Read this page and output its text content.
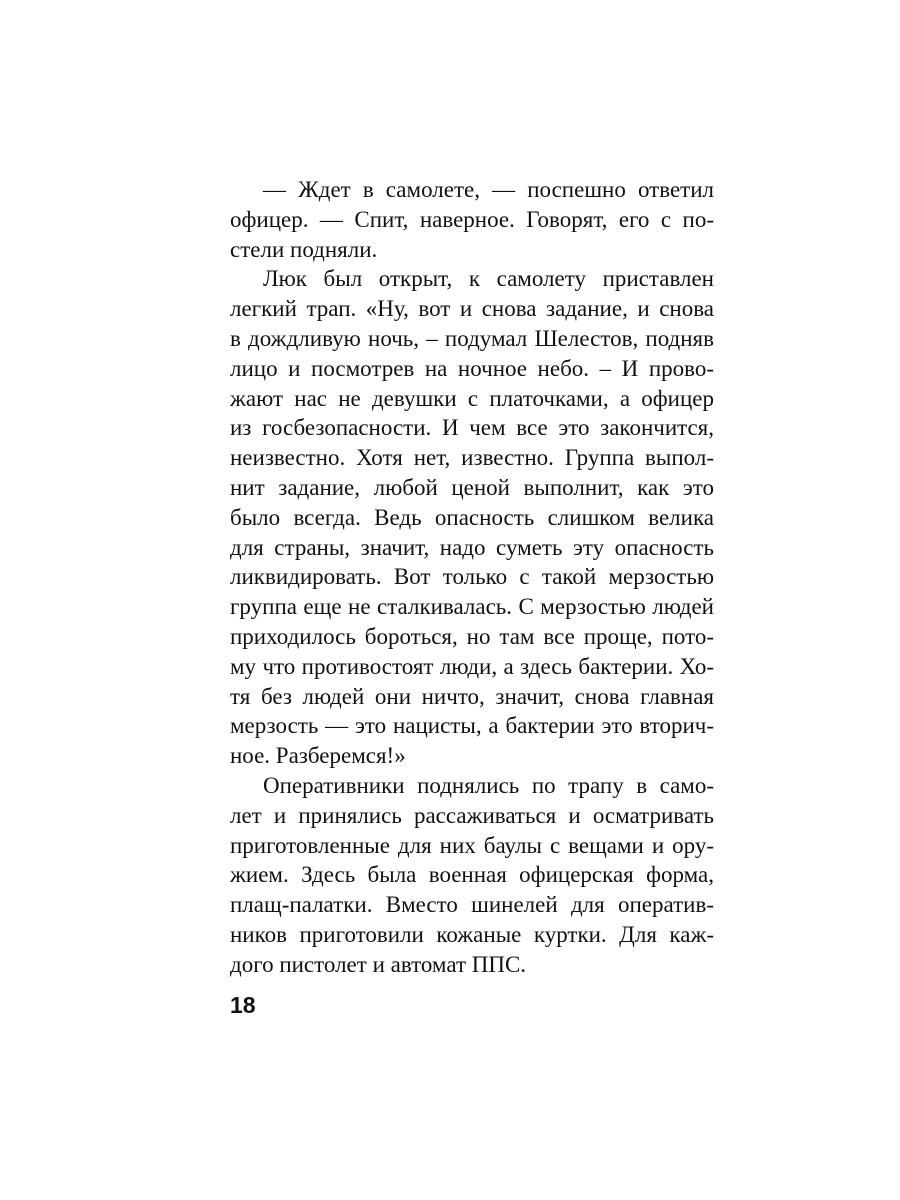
— Ждет в самолете, — поспешно ответил
офицер. — Спит, наверное. Говорят, его с по-
стели подняли.
Люк был открыт, к самолету приставлен
легкий трап. «Ну, вот и снова задание, и снова
в дождливую ночь, – подумал Шелестов, подняв
лицо и посмотрев на ночное небо. – И прово-
жают нас не девушки с платочками, а офицер
из госбезопасности. И чем все это закончится,
неизвестно. Хотя нет, известно. Группа выпол-
нит задание, любой ценой выполнит, как это
было всегда. Ведь опасность слишком велика
для страны, значит, надо суметь эту опасность
ликвидировать. Вот только с такой мерзостью
группа еще не сталкивалась. С мерзостью людей
приходилось бороться, но там все проще, пото-
му что противостоят люди, а здесь бактерии. Хо-
тя без людей они ничто, значит, снова главная
мерзость — это нацисты, а бактерии это вторич-
ное. Разберемся!»
Оперативники поднялись по трапу в само-
лет и принялись рассаживаться и осматривать
приготовленные для них баулы с вещами и ору-
жием. Здесь была военная офицерская форма,
плащ-палатки. Вместо шинелей для оператив-
ников приготовили кожаные куртки. Для каж-
дого пистолет и автомат ППС.
18
